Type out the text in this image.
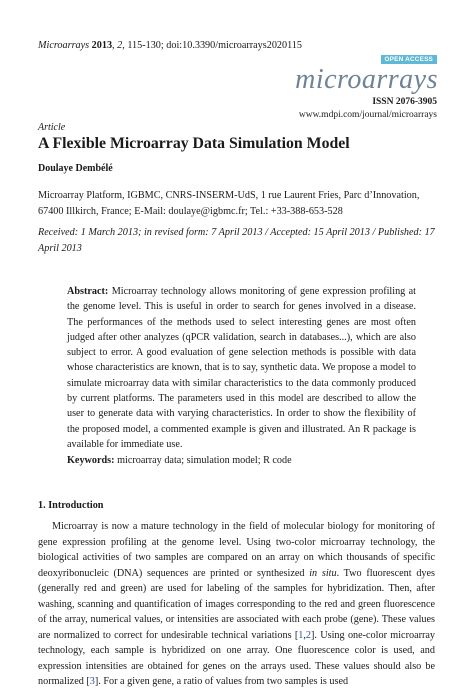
Microarrays 2013, 2, 115-130; doi:10.3390/microarrays2020115
OPEN ACCESS
microarrays
ISSN 2076-3905
www.mdpi.com/journal/microarrays
Article
A Flexible Microarray Data Simulation Model
Doulaye Dembélé
Microarray Platform, IGBMC, CNRS-INSERM-UdS, 1 rue Laurent Fries, Parc d’Innovation, 67400 Illkirch, France; E-Mail: doulaye@igbmc.fr; Tel.: +33-388-653-528
Received: 1 March 2013; in revised form: 7 April 2013 / Accepted: 15 April 2013 / Published: 17 April 2013
Abstract: Microarray technology allows monitoring of gene expression profiling at the genome level. This is useful in order to search for genes involved in a disease. The performances of the methods used to select interesting genes are most often judged after other analyzes (qPCR validation, search in databases...), which are also subject to error. A good evaluation of gene selection methods is possible with data whose characteristics are known, that is to say, synthetic data. We propose a model to simulate microarray data with similar characteristics to the data commonly produced by current platforms. The parameters used in this model are described to allow the user to generate data with varying characteristics. In order to show the flexibility of the proposed model, a commented example is given and illustrated. An R package is available for immediate use.
Keywords: microarray data; simulation model; R code
1. Introduction
Microarray is now a mature technology in the field of molecular biology for monitoring of gene expression profiling at the genome level. Using two-color microarray technology, the biological activities of two samples are compared on an array on which thousands of specific deoxyribonucleic (DNA) sequences are printed or synthesized in situ. Two fluorescent dyes (generally red and green) are used for labeling of the samples for hybridization. Then, after washing, scanning and quantification of images corresponding to the red and green fluorescence of the array, numerical values, or intensities are associated with each probe (gene). These values are normalized to correct for undesirable technical variations [1,2]. Using one-color microarray technology, each sample is hybridized on one array. One fluorescence color is used, and expression intensities are obtained for genes on the arrays used. These values should also be normalized [3]. For a given gene, a ratio of values from two samples is used
